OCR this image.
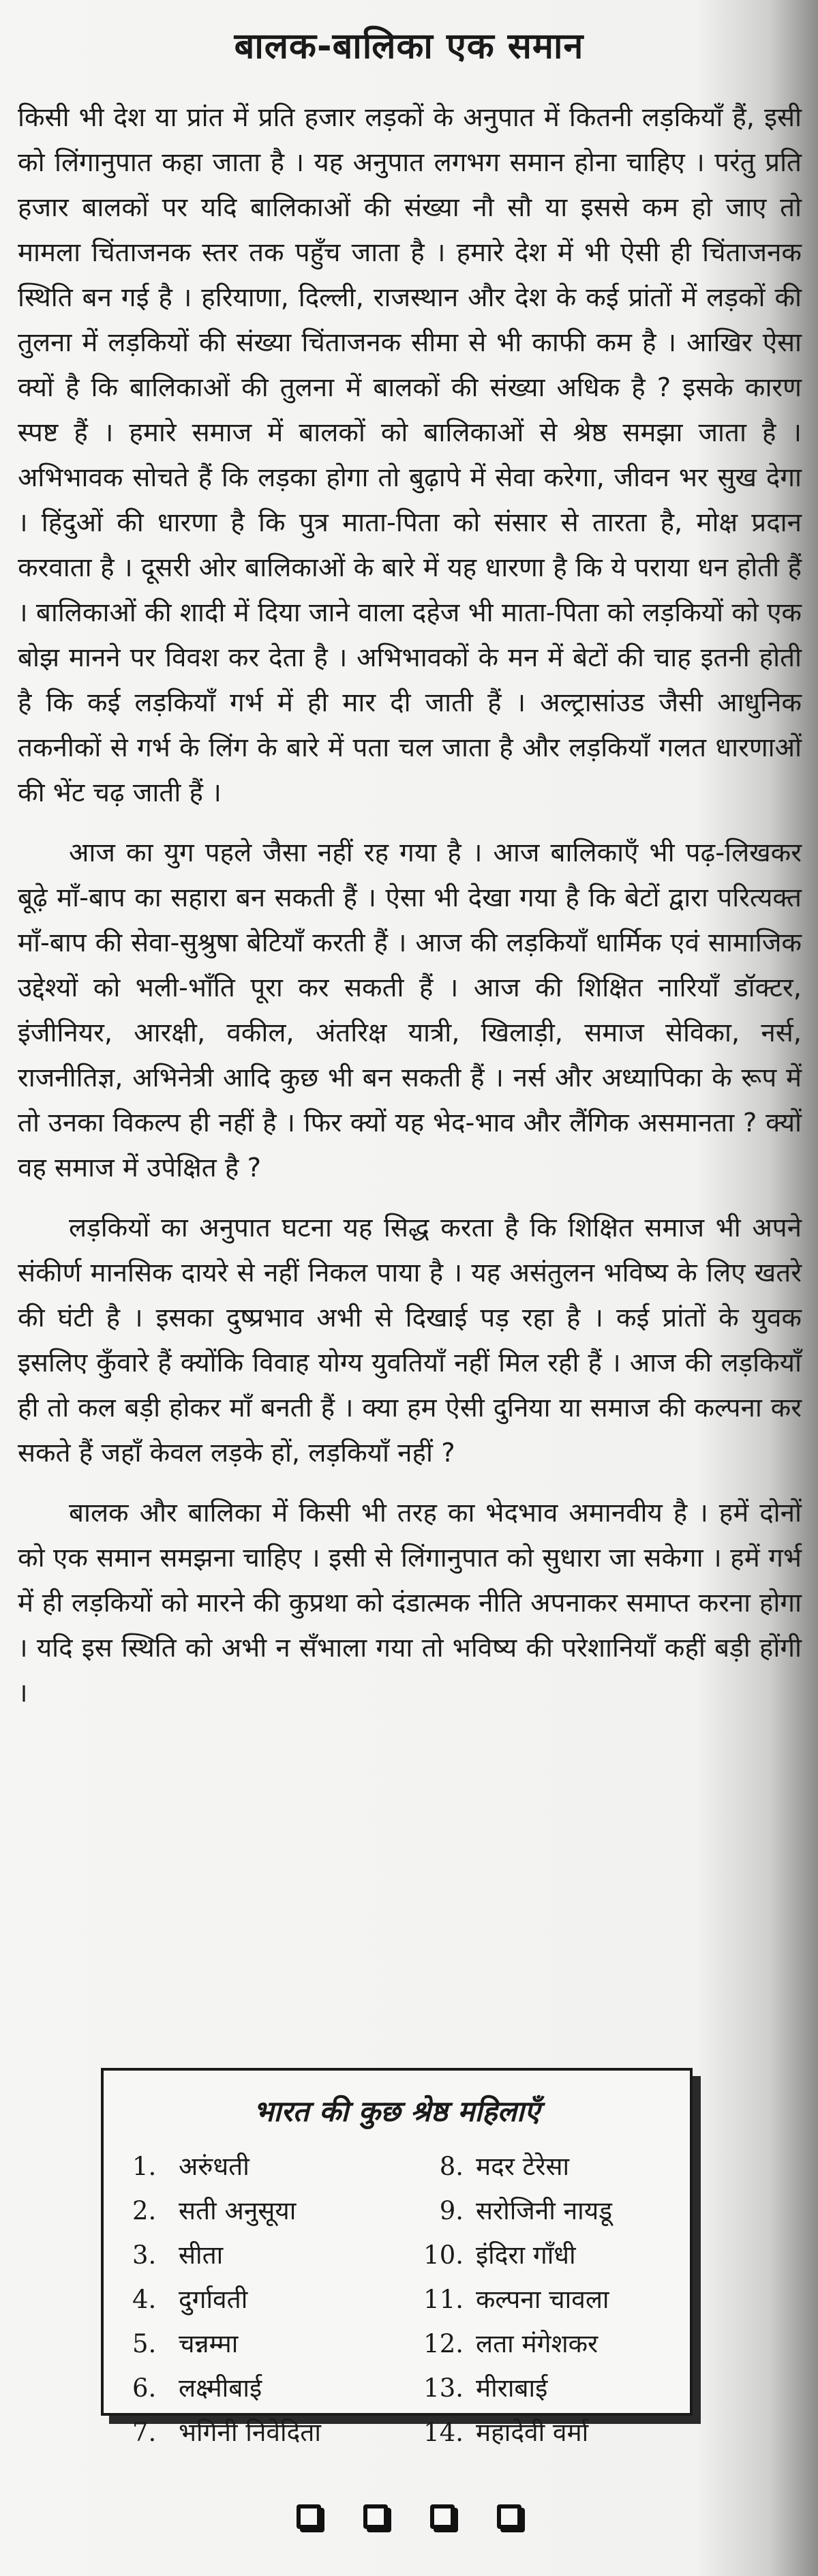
बालक-बालिका एक समान

किसी भी देश या प्रांत में प्रति हजार लड़कों के अनुपात में कितनी लड़कियाँ हैं, इसी को लिंगानुपात कहा जाता है । यह अनुपात लगभग समान होना चाहिए । परंतु प्रति हजार बालकों पर यदि बालिकाओं की संख्या नौ सौ या इससे कम हो जाए तो मामला चिंताजनक स्तर तक पहुँच जाता है । हमारे देश में भी ऐसी ही चिंताजनक स्थिति बन गई है । हरियाणा, दिल्ली, राजस्थान और देश के कई प्रांतों में लड़कों की तुलना में लड़कियों की संख्या चिंताजनक सीमा से भी काफी कम है । आखिर ऐसा क्यों है कि बालिकाओं की तुलना में बालकों की संख्या अधिक है ? इसके कारण स्पष्ट हैं । हमारे समाज में बालकों को बालिकाओं से श्रेष्ठ समझा जाता है । अभिभावक सोचते हैं कि लड़का होगा तो बुढ़ापे में सेवा करेगा, जीवन भर सुख देगा । हिंदुओं की धारणा है कि पुत्र माता-पिता को संसार से तारता है, मोक्ष प्रदान करवाता है । दूसरी ओर बालिकाओं के बारे में यह धारणा है कि ये पराया धन होती हैं । बालिकाओं की शादी में दिया जाने वाला दहेज भी माता-पिता को लड़कियों को एक बोझ मानने पर विवश कर देता है । अभिभावकों के मन में बेटों की चाह इतनी होती है कि कई लड़कियाँ गर्भ में ही मार दी जाती हैं । अल्ट्रासांउड जैसी आधुनिक तकनीकों से गर्भ के लिंग के बारे में पता चल जाता है और लड़कियाँ गलत धारणाओं की भेंट चढ़ जाती हैं ।

आज का युग पहले जैसा नहीं रह गया है । आज बालिकाएँ भी पढ़-लिखकर बूढ़े माँ-बाप का सहारा बन सकती हैं । ऐसा भी देखा गया है कि बेटों द्वारा परित्यक्त माँ-बाप की सेवा-सुश्रुषा बेटियाँ करती हैं । आज की लड़कियाँ धार्मिक एवं सामाजिक उद्देश्यों को भली-भाँति पूरा कर सकती हैं । आज की शिक्षित नारियाँ डॉक्टर, इंजीनियर, आरक्षी, वकील, अंतरिक्ष यात्री, खिलाड़ी, समाज सेविका, नर्स, राजनीतिज्ञ, अभिनेत्री आदि कुछ भी बन सकती हैं । नर्स और अध्यापिका के रूप में तो उनका विकल्प ही नहीं है । फिर क्यों यह भेद-भाव और लैंगिक असमानता ? क्यों वह समाज में उपेक्षित है ?

लड़कियों का अनुपात घटना यह सिद्ध करता है कि शिक्षित समाज भी अपने संकीर्ण मानसिक दायरे से नहीं निकल पाया है । यह असंतुलन भविष्य के लिए खतरे की घंटी है । इसका दुष्प्रभाव अभी से दिखाई पड़ रहा है । कई प्रांतों के युवक इसलिए कुँवारे हैं क्योंकि विवाह योग्य युवतियाँ नहीं मिल रही हैं । आज की लड़कियाँ ही तो कल बड़ी होकर माँ बनती हैं । क्या हम ऐसी दुनिया या समाज की कल्पना कर सकते हैं जहाँ केवल लड़के हों, लड़कियाँ नहीं ?

बालक और बालिका में किसी भी तरह का भेदभाव अमानवीय है । हमें दोनों को एक समान समझना चाहिए । इसी से लिंगानुपात को सुधारा जा सकेगा । हमें गर्भ में ही लड़कियों को मारने की कुप्रथा को दंडात्मक नीति अपनाकर समाप्त करना होगा । यदि इस स्थिति को अभी न सँभाला गया तो भविष्य की परेशानियाँ कहीं बड़ी होंगी ।

भारत की कुछ श्रेष्ठ महिलाएँ
1. अरुंधती
2. सती अनुसूया
3. सीता
4. दुर्गावती
5. चन्नम्मा
6. लक्ष्मीबाई
7. भगिनी निवेदिता
8. मदर टेरेसा
9. सरोजिनी नायडू
10. इंदिरा गाँधी
11. कल्पना चावला
12. लता मंगेशकर
13. मीराबाई
14. महादेवी वर्मा
